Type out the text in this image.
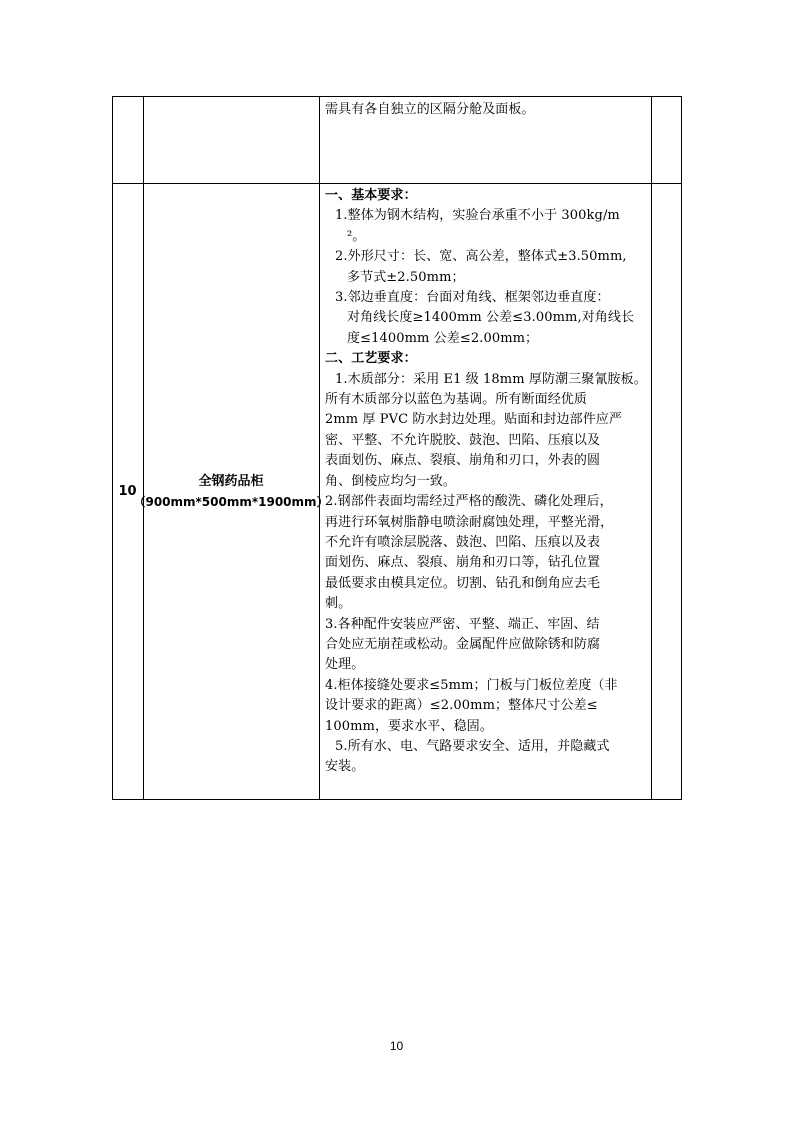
需具有各自独立的区隔分舱及面板。
10
全钢药品柜
（900mm*500mm*1900mm）
一、基本要求：
1.整体为钢木结构，实验台承重不小于 300kg/m
²。
2.外形尺寸：长、宽、高公差，整体式±3.50mm,
多节式±2.50mm；
3.邻边垂直度：台面对角线、框架邻边垂直度：
对角线长度≥1400mm 公差≤3.00mm,对角线长
度≤1400mm 公差≤2.00mm；
二、工艺要求：
1.木质部分：采用 E1 级 18mm 厚防潮三聚氰胺板。
所有木质部分以蓝色为基调。所有断面经优质
2mm 厚 PVC 防水封边处理。贴面和封边部件应严
密、平整、不允许脱胶、鼓泡、凹陷、压痕以及
表面划伤、麻点、裂痕、崩角和刃口，外表的圆
角、倒棱应均匀一致。
2.钢部件表面均需经过严格的酸洗、磷化处理后，
再进行环氧树脂静电喷涂耐腐蚀处理，平整光滑，
不允许有喷涂层脱落、鼓泡、凹陷、压痕以及表
面划伤、麻点、裂痕、崩角和刃口等，钻孔位置
最低要求由模具定位。切割、钻孔和倒角应去毛
刺。
3.各种配件安装应严密、平整、端正、牢固、结
合处应无崩茬或松动。金属配件应做除锈和防腐
处理。
4.柜体接缝处要求≤5mm；门板与门板位差度（非
设计要求的距离）≤2.00mm；整体尺寸公差≤
100mm，要求水平、稳固。
5.所有水、电、气路要求安全、适用，并隐藏式
安装。
10
